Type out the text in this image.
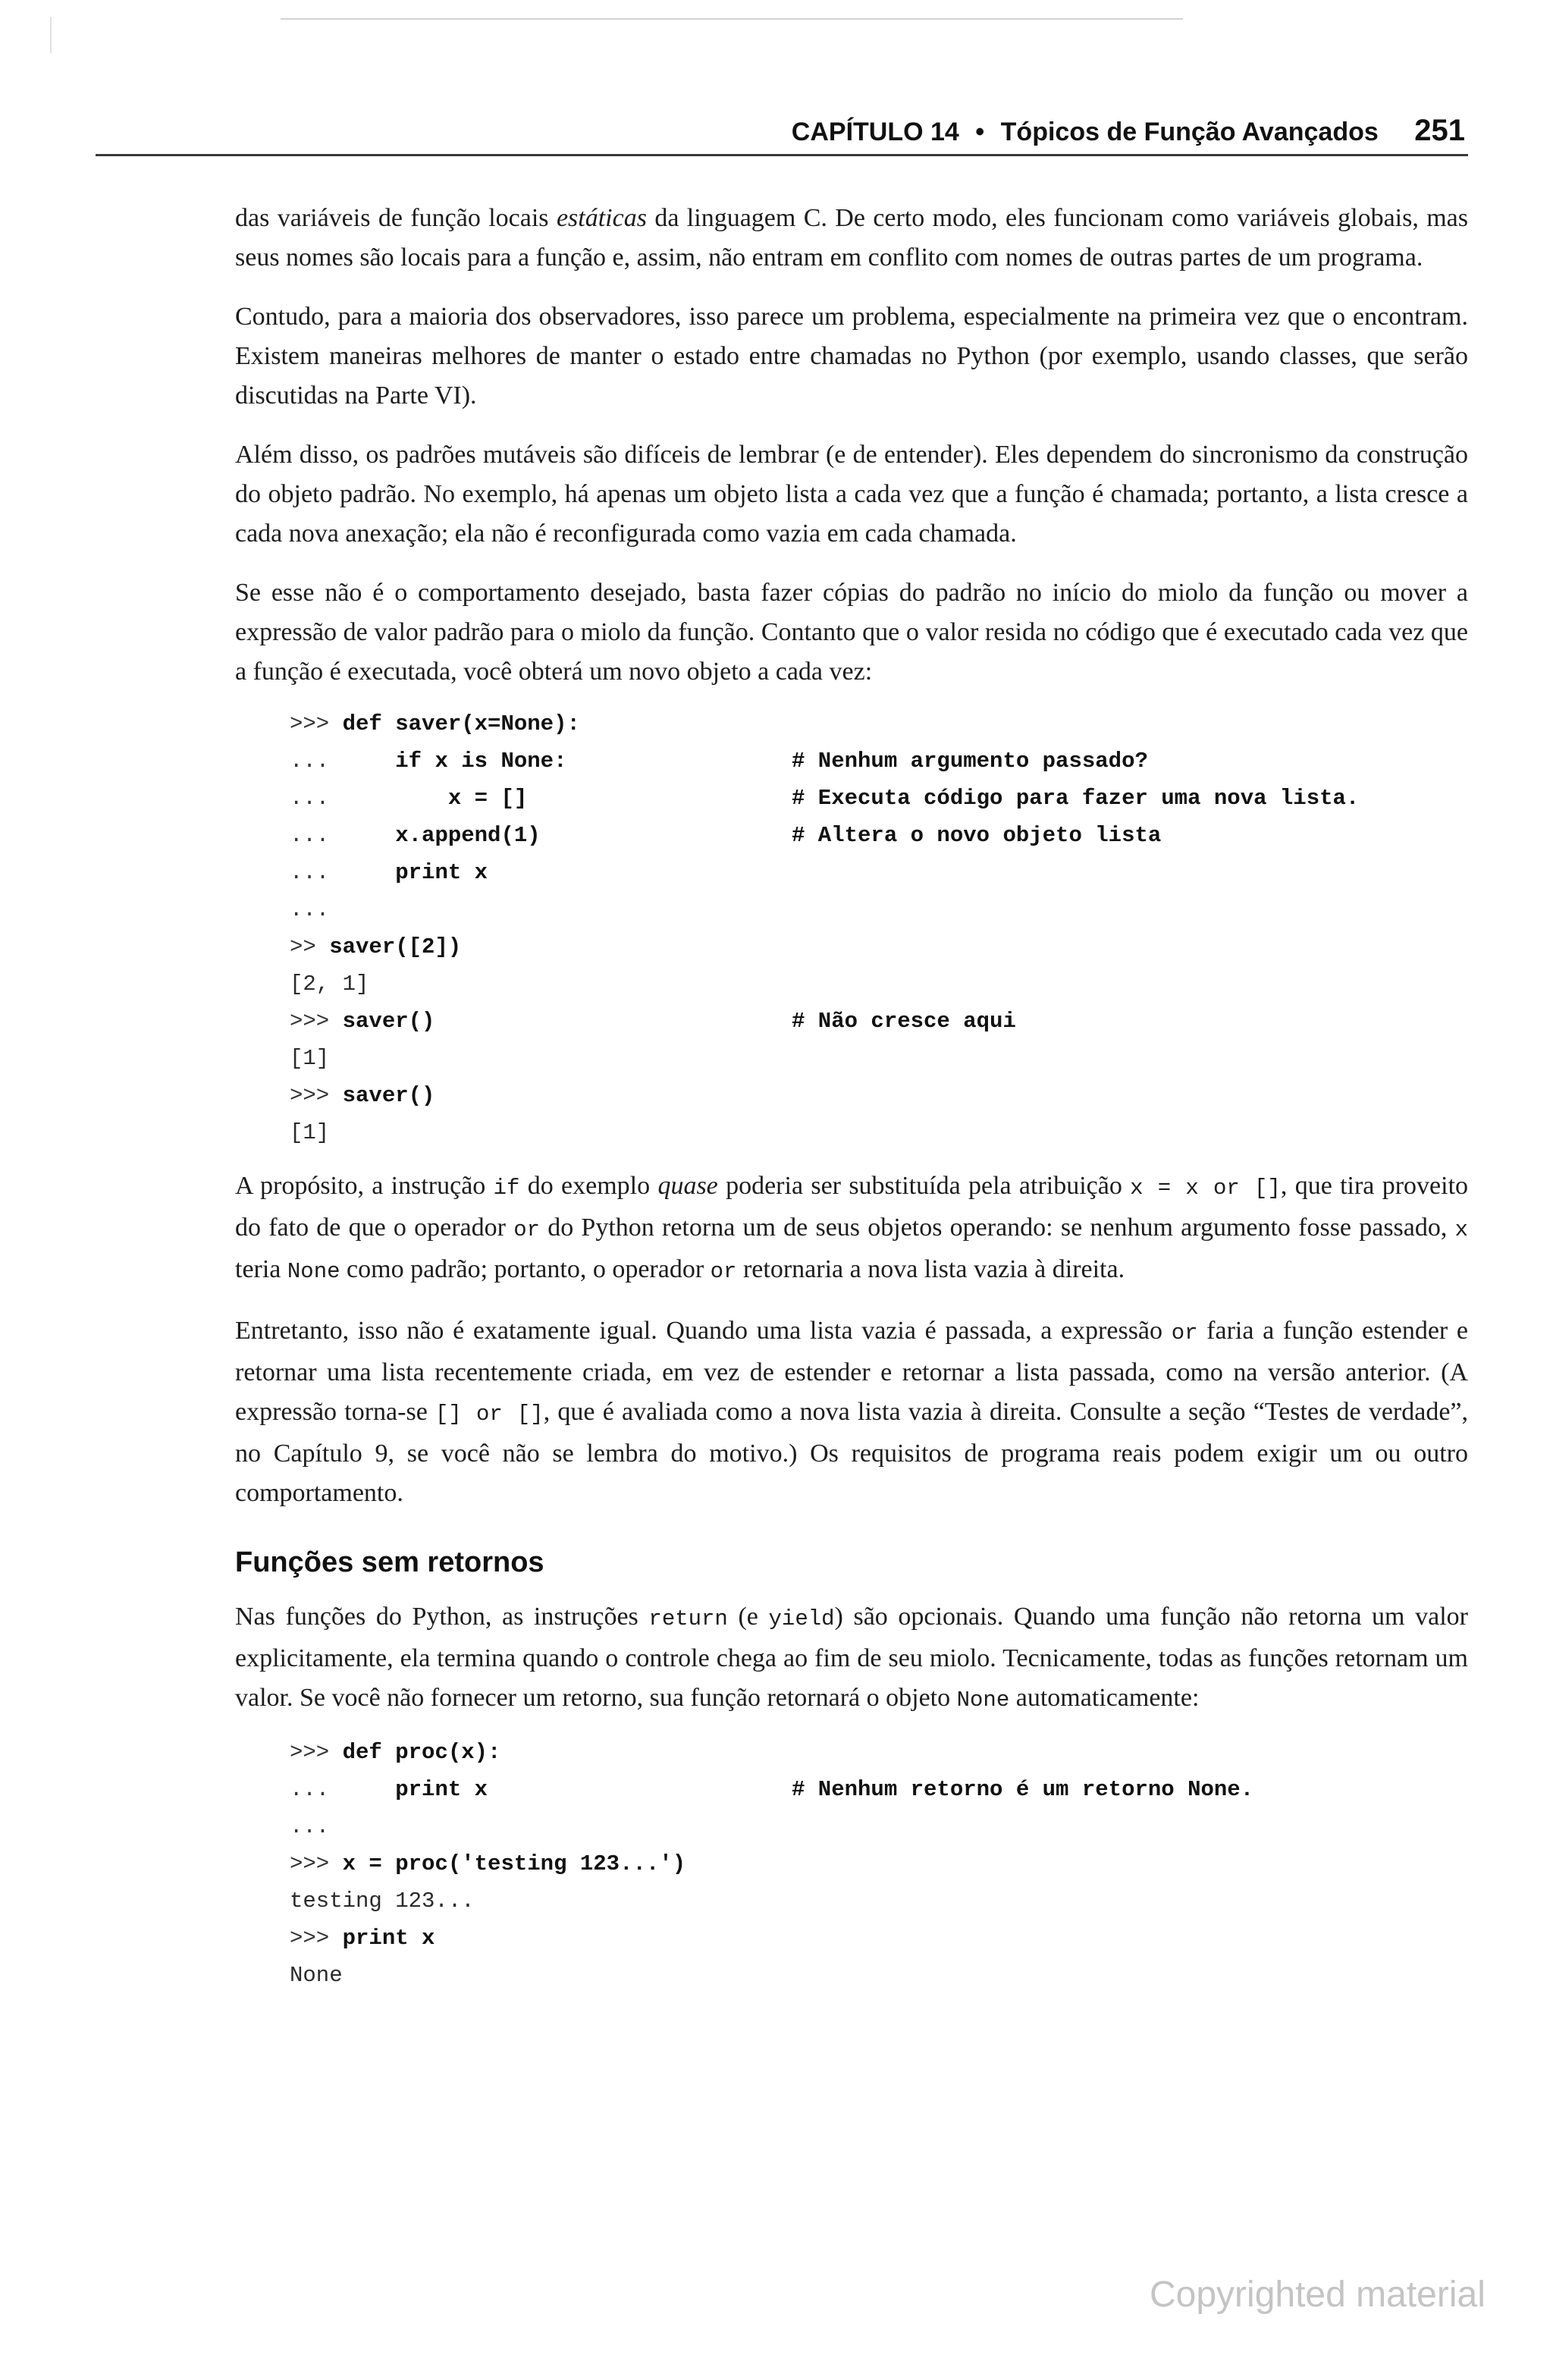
CAPÍTULO 14 • Tópicos de Função Avançados 251

das variáveis de função locais estáticas da linguagem C. De certo modo, eles funcionam como variáveis globais, mas seus nomes são locais para a função e, assim, não entram em conflito com nomes de outras partes de um programa.

Contudo, para a maioria dos observadores, isso parece um problema, especialmente na primeira vez que o encontram. Existem maneiras melhores de manter o estado entre chamadas no Python (por exemplo, usando classes, que serão discutidas na Parte VI).

Além disso, os padrões mutáveis são difíceis de lembrar (e de entender). Eles dependem do sincronismo da construção do objeto padrão. No exemplo, há apenas um objeto lista a cada vez que a função é chamada; portanto, a lista cresce a cada nova anexação; ela não é reconfigurada como vazia em cada chamada.

Se esse não é o comportamento desejado, basta fazer cópias do padrão no início do miolo da função ou mover a expressão de valor padrão para o miolo da função. Contanto que o valor resida no código que é executado cada vez que a função é executada, você obterá um novo objeto a cada vez:

>>> def saver(x=None):
...     if x is None:	# Nenhum argumento passado?
...         x = []	# Executa código para fazer uma nova lista.
...     x.append(1)	# Altera o novo objeto lista
...     print x
...
>> saver([2])
[2, 1]
>>> saver()	# Não cresce aqui
[1]
>>> saver()
[1]

A propósito, a instrução if do exemplo quase poderia ser substituída pela atribuição x = x or [], que tira proveito do fato de que o operador or do Python retorna um de seus objetos operando: se nenhum argumento fosse passado, x teria None como padrão; portanto, o operador or retornaria a nova lista vazia à direita.

Entretanto, isso não é exatamente igual. Quando uma lista vazia é passada, a expressão or faria a função estender e retornar uma lista recentemente criada, em vez de estender e retornar a lista passada, como na versão anterior. (A expressão torna-se [] or [], que é avaliada como a nova lista vazia à direita. Consulte a seção “Testes de verdade”, no Capítulo 9, se você não se lembra do motivo.) Os requisitos de programa reais podem exigir um ou outro comportamento.

Funções sem retornos

Nas funções do Python, as instruções return (e yield) são opcionais. Quando uma função não retorna um valor explicitamente, ela termina quando o controle chega ao fim de seu miolo. Tecnicamente, todas as funções retornam um valor. Se você não fornecer um retorno, sua função retornará o objeto None automaticamente:

>>> def proc(x):
...     print x	# Nenhum retorno é um retorno None.
...
>>> x = proc('testing 123...')
testing 123...
>>> print x
None
Copyrighted material
